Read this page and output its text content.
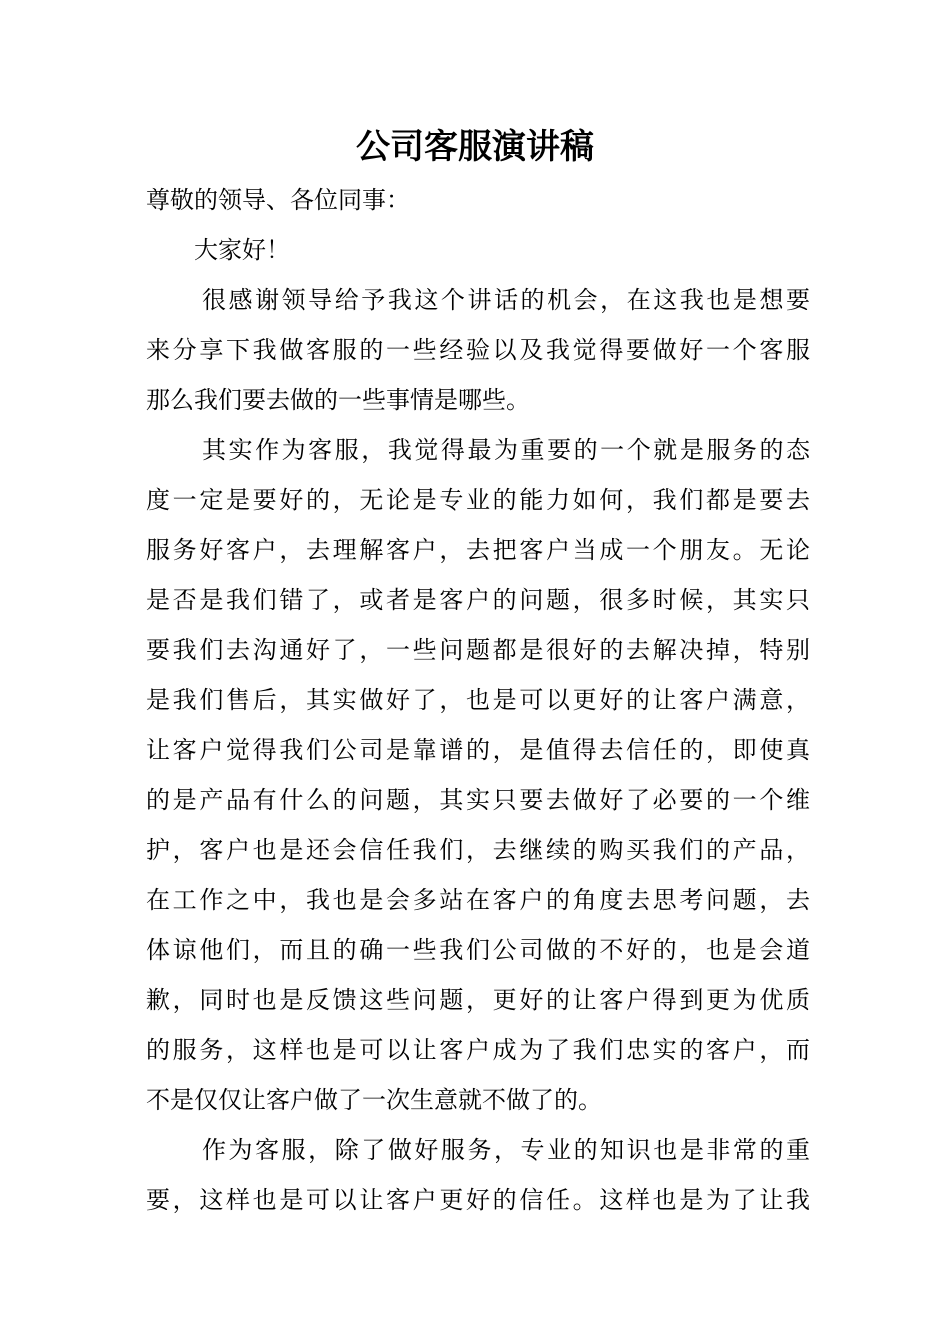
公司客服演讲稿
尊敬的领导、各位同事：
大家好！
很感谢领导给予我这个讲话的机会，在这我也是想要
来分享下我做客服的一些经验以及我觉得要做好一个客服
那么我们要去做的一些事情是哪些。
其实作为客服，我觉得最为重要的一个就是服务的态
度一定是要好的，无论是专业的能力如何，我们都是要去
服务好客户，去理解客户，去把客户当成一个朋友。无论
是否是我们错了，或者是客户的问题，很多时候，其实只
要我们去沟通好了，一些问题都是很好的去解决掉，特别
是我们售后，其实做好了，也是可以更好的让客户满意，
让客户觉得我们公司是靠谱的，是值得去信任的，即使真
的是产品有什么的问题，其实只要去做好了必要的一个维
护，客户也是还会信任我们，去继续的购买我们的产品，
在工作之中，我也是会多站在客户的角度去思考问题，去
体谅他们，而且的确一些我们公司做的不好的，也是会道
歉，同时也是反馈这些问题，更好的让客户得到更为优质
的服务，这样也是可以让客户成为了我们忠实的客户，而
不是仅仅让客户做了一次生意就不做了的。
作为客服，除了做好服务，专业的知识也是非常的重
要，这样也是可以让客户更好的信任。这样也是为了让我
